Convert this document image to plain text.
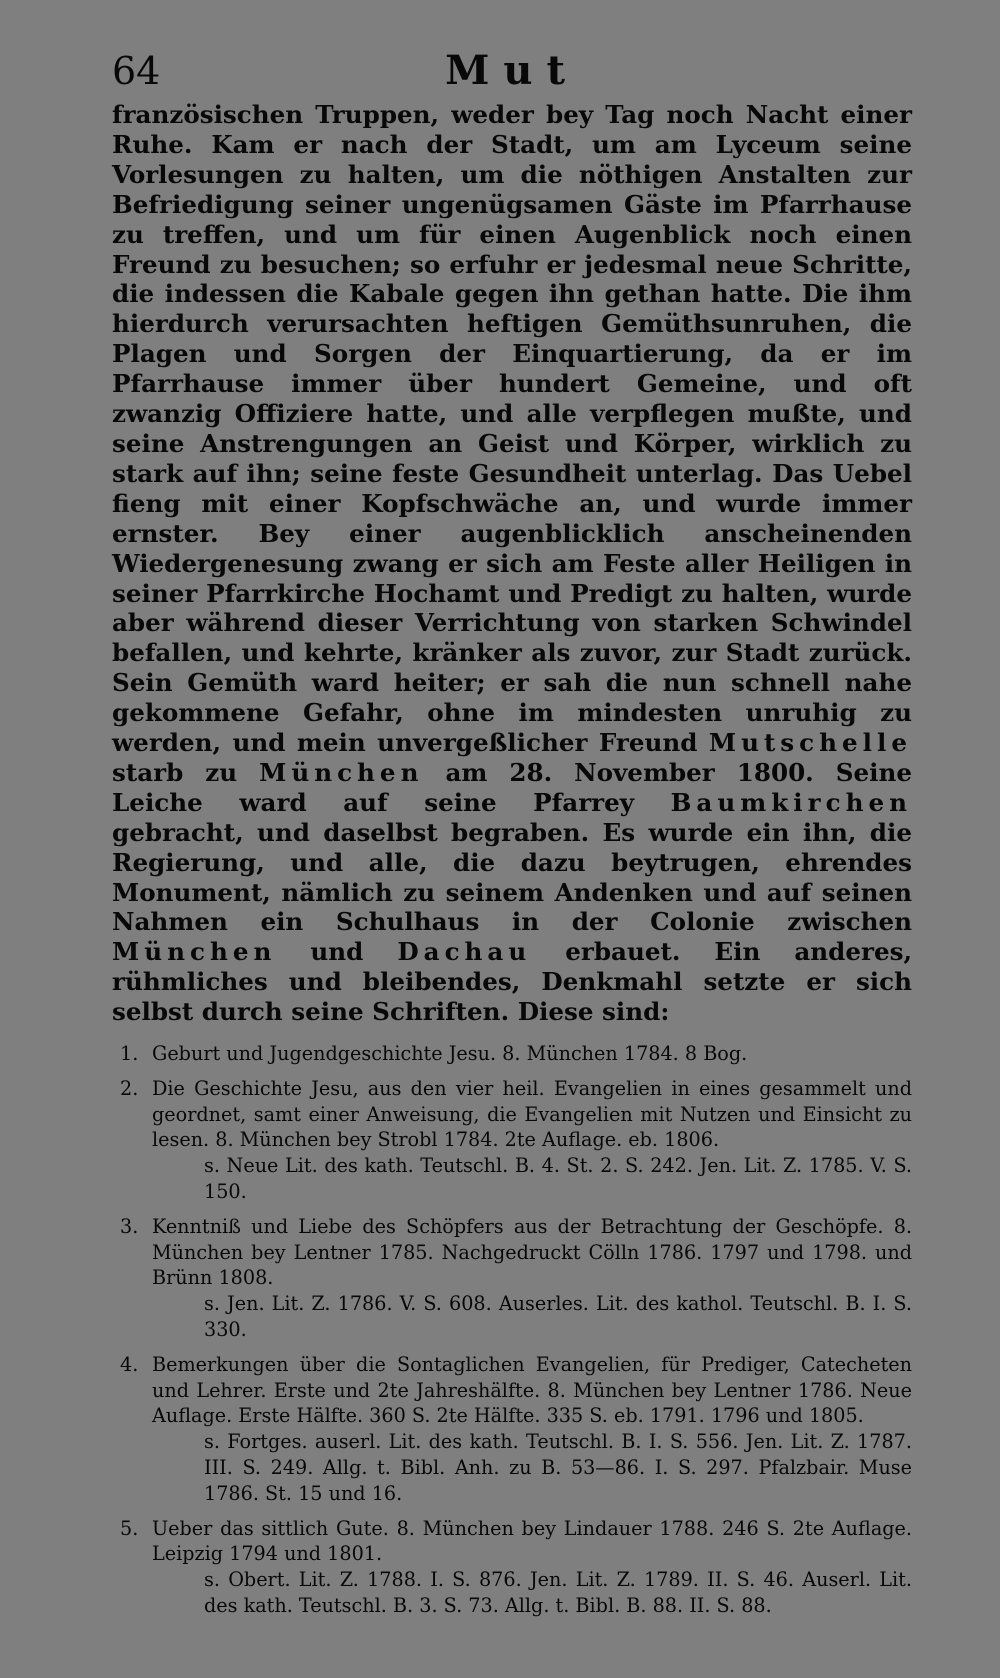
64	Mut

französischen Truppen, weder bey Tag noch Nacht einer Ruhe. Kam er nach der Stadt, um am Lyceum seine Vorlesungen zu halten, um die nöthigen Anstalten zur Befriedigung seiner ungenügsamen Gäste im Pfarrhause zu treffen, und um für einen Augenblick noch einen Freund zu besuchen; so erfuhr er jedesmal neue Schritte, die indessen die Kabale gegen ihn gethan hatte. Die ihm hierdurch verursachten heftigen Gemüthsunruhen, die Plagen und Sorgen der Einquartierung, da er im Pfarrhause immer über hundert Gemeine, und oft zwanzig Offiziere hatte, und alle verpflegen mußte, und seine Anstrengungen an Geist und Körper, wirklich zu stark auf ihn; seine feste Gesundheit unterlag. Das Uebel fieng mit einer Kopfschwäche an, und wurde immer ernster. Bey einer augenblicklich anscheinenden Wiedergenesung zwang er sich am Feste aller Heiligen in seiner Pfarrkirche Hochamt und Predigt zu halten, wurde aber während dieser Verrichtung von starken Schwindel befallen, und kehrte, kränker als zuvor, zur Stadt zurück. Sein Gemüth ward heiter; er sah die nun schnell nahe gekommene Gefahr, ohne im mindesten unruhig zu werden, und mein unvergeßlicher Freund Mutschelle starb zu München am 28. November 1800. Seine Leiche ward auf seine Pfarrey Baumkirchen gebracht, und daselbst begraben. Es wurde ein ihn, die Regierung, und alle, die dazu beytrugen, ehrendes Monument, nämlich zu seinem Andenken und auf seinen Nahmen ein Schulhaus in der Colonie zwischen München und Dachau erbauet. Ein anderes, rühmliches und bleibendes, Denkmahl setzte er sich selbst durch seine Schriften. Diese sind:

1. Geburt und Jugendgeschichte Jesu. 8. München 1784. 8 Bog.
2. Die Geschichte Jesu, aus den vier heil. Evangelien in eines gesammelt und geordnet, samt einer Anweisung, die Evangelien mit Nutzen und Einsicht zu lesen. 8. München bey Strobl 1784. 2te Auflage. eb. 1806.
s. Neue Lit. des kath. Teutschl. B. 4. St. 2. S. 242. Jen. Lit. Z. 1785. V. S. 150.
3. Kenntniß und Liebe des Schöpfers aus der Betrachtung der Geschöpfe. 8. München bey Lentner 1785. Nachgedruckt Cölln 1786. 1797 und 1798. und Brünn 1808.
s. Jen. Lit. Z. 1786. V. S. 608. Auserles. Lit. des kathol. Teutschl. B. I. S. 330.
4. Bemerkungen über die Sontaglichen Evangelien, für Prediger, Catecheten und Lehrer. Erste und 2te Jahreshälfte. 8. München bey Lentner 1786. Neue Auflage. Erste Hälfte. 360 S. 2te Hälfte. 335 S. eb. 1791. 1796 und 1805.
s. Fortges. auserl. Lit. des kath. Teutschl. B. I. S. 556. Jen. Lit. Z. 1787. III. S. 249. Allg. t. Bibl. Anh. zu B. 53—86. I. S. 297. Pfalzbair. Muse 1786. St. 15 und 16.
5. Ueber das sittlich Gute. 8. München bey Lindauer 1788. 246 S. 2te Auflage. Leipzig 1794 und 1801.
s. Obert. Lit. Z. 1788. I. S. 876. Jen. Lit. Z. 1789. II. S. 46. Auserl. Lit. des kath. Teutschl. B. 3. S. 73. Allg. t. Bibl. B. 88. II. S. 88.
